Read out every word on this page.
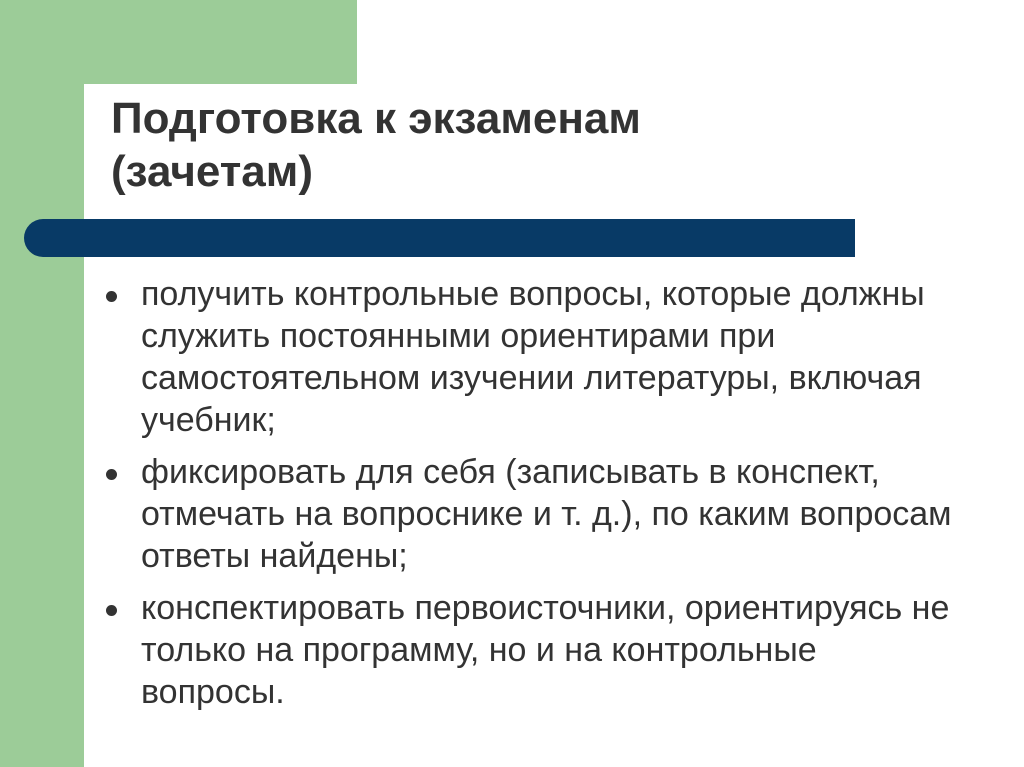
Подготовка к экзаменам
(зачетам)
получить контрольные вопросы, которые должны служить постоянными ориентирами при самостоятельном изучении литературы, включая учебник;
фиксировать для себя (записывать в конспект, отмечать на вопроснике и т. д.), по каким вопросам ответы найдены;
конспектировать первоисточники, ориентируясь не только на программу, но и на контрольные вопросы.
